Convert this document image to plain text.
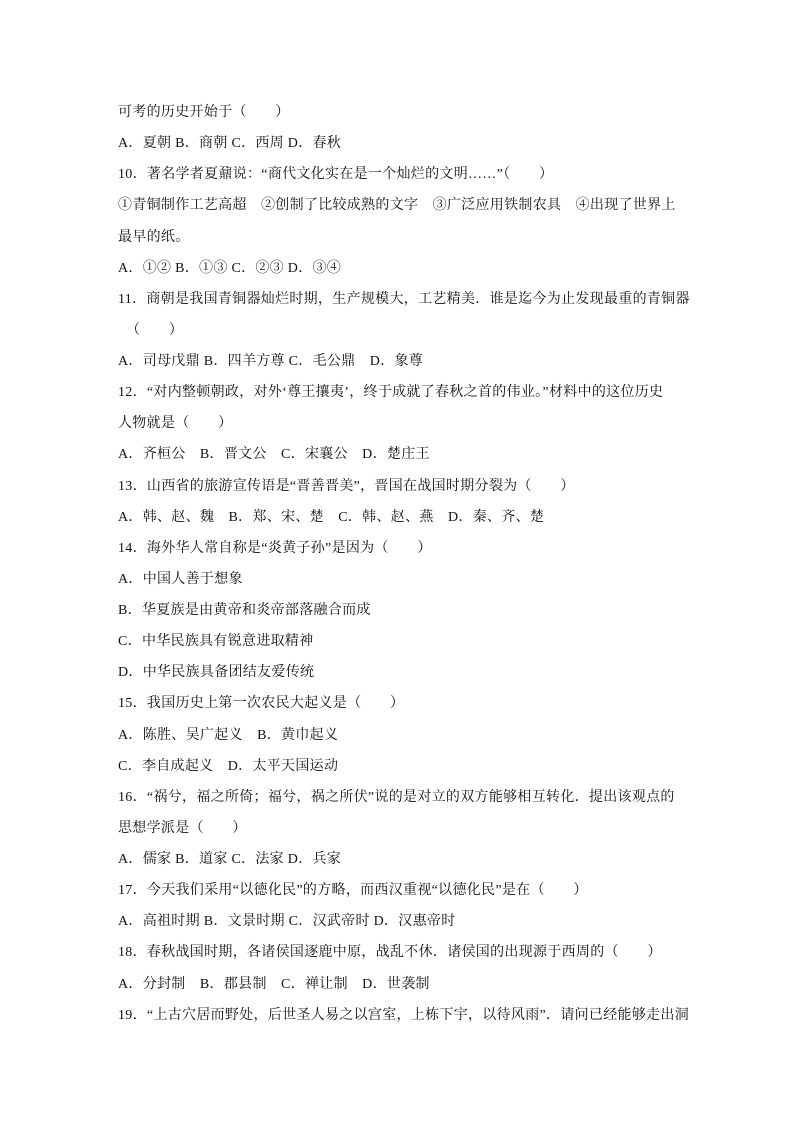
可考的历史开始于（　　）
A．夏朝 B．商朝 C．西周 D．春秋
10．著名学者夏鼐说：“商代文化实在是一个灿烂的文明……”（　　）
①青铜制作工艺高超　②创制了比较成熟的文字　③广泛应用铁制农具　④出现了世界上
最早的纸。
A．①② B．①③ C．②③ D．③④
11．商朝是我国青铜器灿烂时期，生产规模大，工艺精美．谁是迄今为止发现最重的青铜器
（　　）
A．司母戊鼎 B．四羊方尊 C．毛公鼎　D．象尊
12．“对内整顿朝政，对外‘尊王攘夷’，终于成就了春秋之首的伟业。”材料中的这位历史
人物就是（　　）
A．齐桓公　B．晋文公　C．宋襄公　D．楚庄王
13．山西省的旅游宣传语是“晋善晋美”，晋国在战国时期分裂为（　　）
A．韩、赵、魏　B．郑、宋、楚　C．韩、赵、燕　D．秦、齐、楚
14．海外华人常自称是“炎黄子孙”是因为（　　）
A．中国人善于想象
B．华夏族是由黄帝和炎帝部落融合而成
C．中华民族具有锐意进取精神
D．中华民族具备团结友爱传统
15．我国历史上第一次农民大起义是（　　）
A．陈胜、吴广起义　B．黄巾起义
C．李自成起义　D．太平天国运动
16．“祸兮，福之所倚；福兮，祸之所伏”说的是对立的双方能够相互转化．提出该观点的
思想学派是（　　）
A．儒家 B．道家 C．法家 D．兵家
17．今天我们采用“以德化民”的方略，而西汉重视“以德化民”是在（　　）
A．高祖时期 B．文景时期 C．汉武帝时 D．汉惠帝时
18．春秋战国时期，各诸侯国逐鹿中原，战乱不休．诸侯国的出现源于西周的（　　）
A．分封制　B．郡县制　C．禅让制　D．世袭制
19．“上古穴居而野处，后世圣人易之以宫室，上栋下宇，以待风雨”．请问已经能够走出洞
